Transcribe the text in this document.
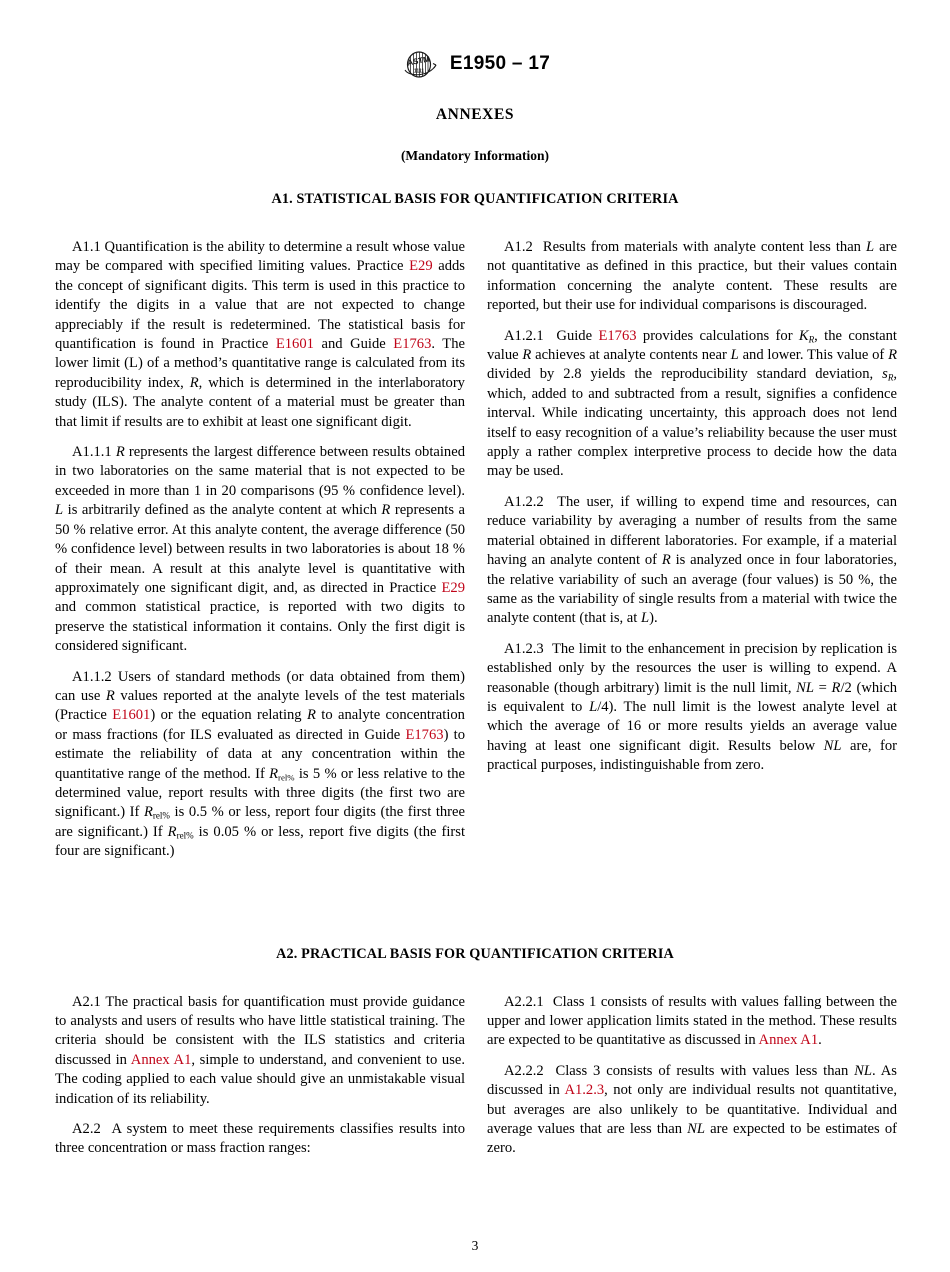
ASTM
1111 E1950 – 17
ANNEXES
(Mandatory Information)
A1. STATISTICAL BASIS FOR QUANTIFICATION CRITERIA

A1.1 Quantification is the ability to determine a result whose value may be compared with specified limiting values. Practice E29 adds the concept of significant digits. This term is used in this practice to identify the digits in a value that are not expected to change appreciably if the result is redetermined. The statistical basis for quantification is found in Practice E1601 and Guide E1763. The lower limit (L) of a method’s quantitative range is calculated from its reproducibility index, R, which is determined in the interlaboratory study (ILS). The analyte content of a material must be greater than that limit if results are to exhibit at least one significant digit.

A1.1.1 R represents the largest difference between results obtained in two laboratories on the same material that is not expected to be exceeded in more than 1 in 20 comparisons (95 % confidence level). L is arbitrarily defined as the analyte content at which R represents a 50 % relative error. At this analyte content, the average difference (50 % confidence level) between results in two laboratories is about 18 % of their mean. A result at this analyte level is quantitative with approximately one significant digit, and, as directed in Practice E29 and common statistical practice, is reported with two digits to preserve the statistical information it contains. Only the first digit is considered significant.

A1.1.2 Users of standard methods (or data obtained from them) can use R values reported at the analyte levels of the test materials (Practice E1601) or the equation relating R to analyte concentration or mass fractions (for ILS evaluated as directed in Guide E1763) to estimate the reliability of data at any concentration within the quantitative range of the method. If $R_{rel\%}$ is 5 % or less relative to the determined value, report results with three digits (the first two are significant.) If $R_{rel\%}$ is 0.5 % or less, report four digits (the first three are significant.) If $R_{rel\%}$ is 0.05 % or less, report five digits (the first four are significant.)

A1.2  Results from materials with analyte content less than L are not quantitative as defined in this practice, but their values contain information concerning the analyte content. These results are reported, but their use for individual comparisons is discouraged.

A1.2.1  Guide E1763 provides calculations for $K_R$, the constant value R achieves at analyte contents near L and lower. This value of R divided by 2.8 yields the reproducibility standard deviation, $s_R$, which, added to and subtracted from a result, signifies a confidence interval. While indicating uncertainty, this approach does not lend itself to easy recognition of a value’s reliability because the user must apply a rather complex interpretive process to decide how the data may be used.

A1.2.2  The user, if willing to expend time and resources, can reduce variability by averaging a number of results from the same material obtained in different laboratories. For example, if a material having an analyte content of R is analyzed once in four laboratories, the relative variability of such an average (four values) is 50 %, the same as the variability of single results from a material with twice the analyte content (that is, at L).

A1.2.3  The limit to the enhancement in precision by replication is established only by the resources the user is willing to expend. A reasonable (though arbitrary) limit is the null limit, NL = R/2 (which is equivalent to L/4). The null limit is the lowest analyte level at which the average of 16 or more results yields an average value having at least one significant digit. Results below NL are, for practical purposes, indistinguishable from zero.

A2. PRACTICAL BASIS FOR QUANTIFICATION CRITERIA

A2.1 The practical basis for quantification must provide guidance to analysts and users of results who have little statistical training. The criteria should be consistent with the ILS statistics and criteria discussed in Annex A1, simple to understand, and convenient to use. The coding applied to each value should give an unmistakable visual indication of its reliability.

A2.2  A system to meet these requirements classifies results into three concentration or mass fraction ranges:

A2.2.1  Class 1 consists of results with values falling between the upper and lower application limits stated in the method. These results are expected to be quantitative as discussed in Annex A1.

A2.2.2  Class 3 consists of results with values less than NL. As discussed in A1.2.3, not only are individual results not quantitative, but averages are also unlikely to be quantitative. Individual and average values that are less than NL are expected to be estimates of zero.

3
